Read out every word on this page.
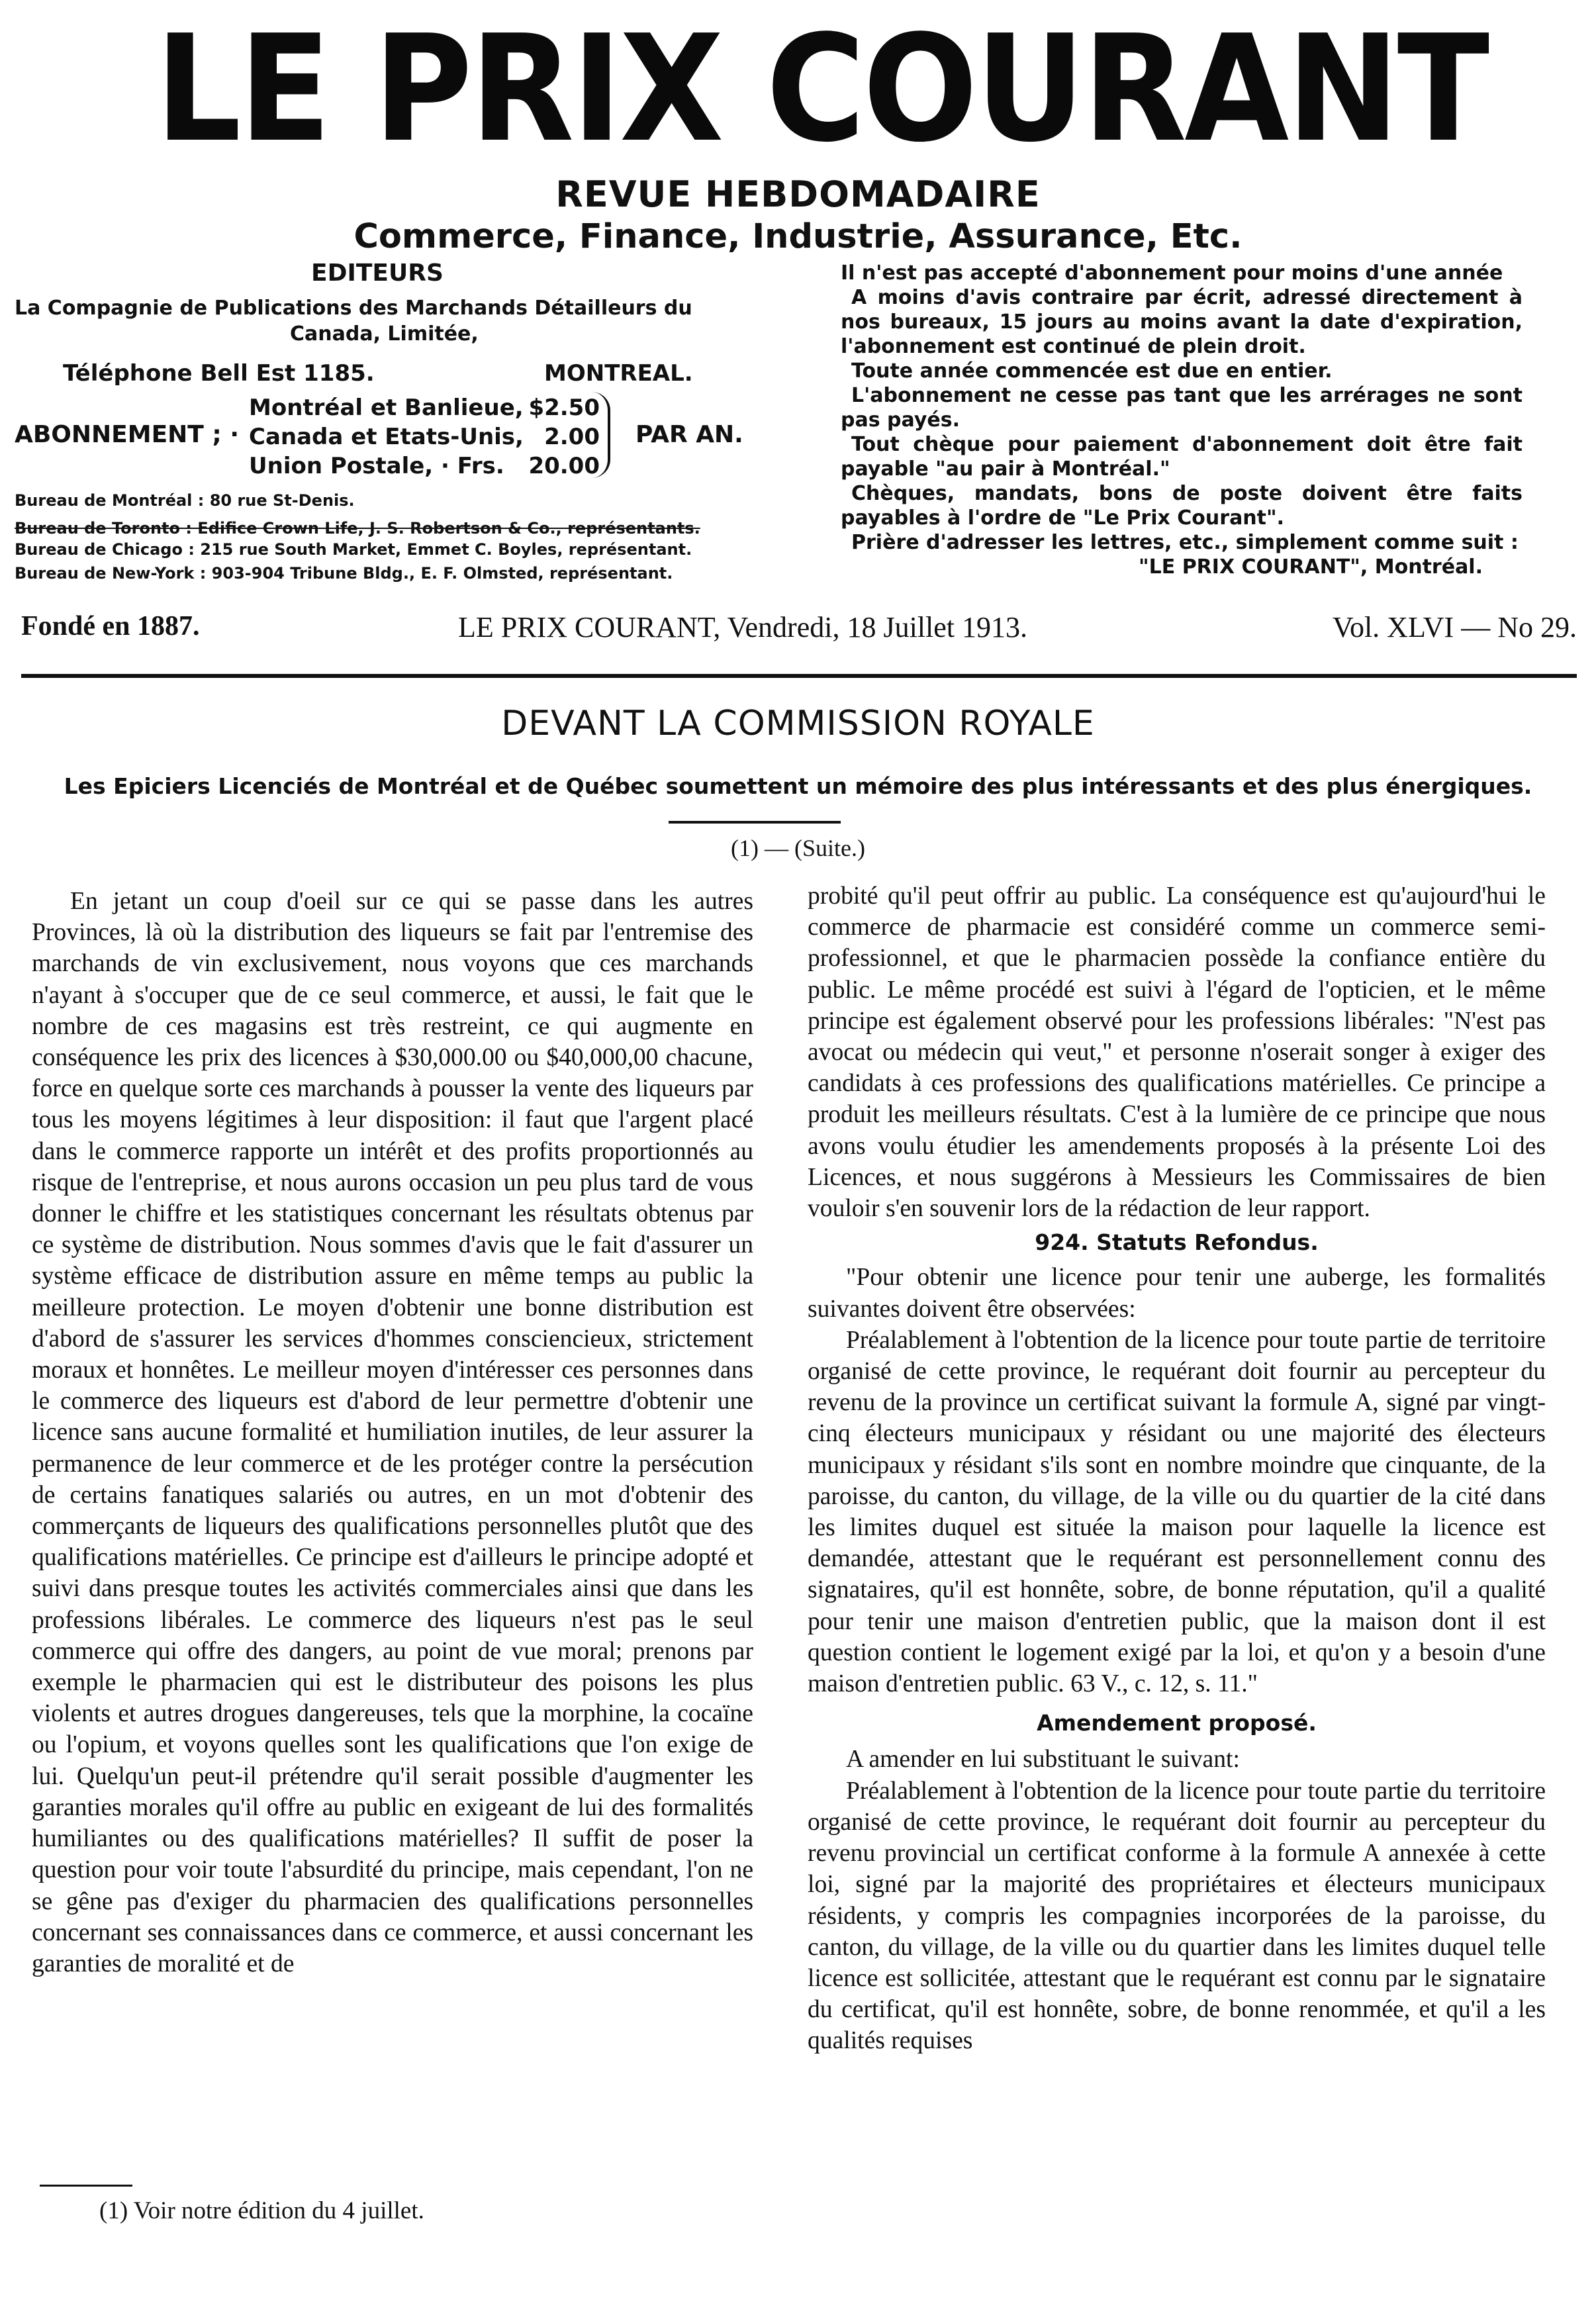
LE PRIX COURANT
REVUE HEBDOMADAIRE
Commerce, Finance, Industrie, Assurance, Etc.
EDITEURS
La Compagnie de Publications des Marchands Détailleurs du
Canada, Limitée,
Téléphone Bell Est 1185.	MONTREAL.
ABONNEMENT ; ·
Montréal et Banlieue, $2.50
Canada et Etats-Unis, 2.00
Union Postale, · Frs.	20.00
PAR AN.
Bureau de Montréal : 80 rue St-Denis.
Bureau de Toronto : Edifice Crown Life, J. S. Robertson & Co., représentants.
Bureau de Chicago : 215 rue South Market, Emmet C. Boyles, représentant.
Bureau de New-York : 903-904 Tribune Bldg., E. F. Olmsted, représentant.

Il n'est pas accepté d'abonnement pour moins d'une année

A moins d'avis contraire par écrit, adressé directement à nos bureaux, 15 jours au moins avant la date d'expiration, l'abonnement est continué de plein droit.

Toute année commencée est due en entier.

L'abonnement ne cesse pas tant que les arrérages ne sont pas payés.

Tout chèque pour paiement d'abonnement doit être fait payable "au pair à Montréal."

Chèques, mandats, bons de poste doivent être faits payables à l'ordre de "Le Prix Courant".

Prière d'adresser les lettres, etc., simplement comme suit :

"LE PRIX COURANT", Montréal.

Fondé en 1887.	LE PRIX COURANT, Vendredi, 18 Juillet 1913.	Vol. XLVI — No 29.
DEVANT LA COMMISSION ROYALE
Les Epiciers Licenciés de Montréal et de Québec soumettent un mémoire des plus intéressants et des plus énergiques.
(1) — (Suite.)

En jetant un coup d'oeil sur ce qui se passe dans les autres Provinces, là où la distribution des liqueurs se fait par l'entremise des marchands de vin exclusivement, nous voyons que ces marchands n'ayant à s'occuper que de ce seul commerce, et aussi, le fait que le nombre de ces magasins est très restreint, ce qui augmente en conséquence les prix des licences à $30,000.00 ou $40,000,00 chacune, force en quelque sorte ces marchands à pousser la vente des liqueurs par tous les moyens légitimes à leur disposition: il faut que l'argent placé dans le commerce rapporte un intérêt et des profits proportionnés au risque de l'entreprise, et nous aurons occasion un peu plus tard de vous donner le chiffre et les statistiques concernant les résultats obtenus par ce système de distribution. Nous sommes d'avis que le fait d'assurer un système efficace de distribution assure en même temps au public la meilleure protection. Le moyen d'obtenir une bonne distribution est d'abord de s'assurer les services d'hommes consciencieux, strictement moraux et honnêtes. Le meilleur moyen d'intéresser ces personnes dans le commerce des liqueurs est d'abord de leur permettre d'obtenir une licence sans aucune formalité et humiliation inutiles, de leur assurer la permanence de leur commerce et de les protéger contre la persécution de certains fanatiques salariés ou autres, en un mot d'obtenir des commerçants de liqueurs des qualifications personnelles plutôt que des qualifications matérielles. Ce principe est d'ailleurs le principe adopté et suivi dans presque toutes les activités commerciales ainsi que dans les professions libérales. Le commerce des liqueurs n'est pas le seul commerce qui offre des dangers, au point de vue moral; prenons par exemple le pharmacien qui est le distributeur des poisons les plus violents et autres drogues dangereuses, tels que la morphine, la cocaïne ou l'opium, et voyons quelles sont les qualifications que l'on exige de lui. Quelqu'un peut-il prétendre qu'il serait possible d'augmenter les garanties morales qu'il offre au public en exigeant de lui des formalités humiliantes ou des qualifications matérielles? Il suffit de poser la question pour voir toute l'absurdité du principe, mais cependant, l'on ne se gêne pas d'exiger du pharmacien des qualifications personnelles concernant ses connaissances dans ce commerce, et aussi concernant les garanties de moralité et de

probité qu'il peut offrir au public. La conséquence est qu'aujourd'hui le commerce de pharmacie est considéré comme un commerce semi-professionnel, et que le pharmacien possède la confiance entière du public. Le même procédé est suivi à l'égard de l'opticien, et le même principe est également observé pour les professions libérales: "N'est pas avocat ou médecin qui veut," et personne n'oserait songer à exiger des candidats à ces professions des qualifications matérielles. Ce principe a produit les meilleurs résultats. C'est à la lumière de ce principe que nous avons voulu étudier les amendements proposés à la présente Loi des Licences, et nous suggérons à Messieurs les Commissaires de bien vouloir s'en souvenir lors de la rédaction de leur rapport.

924. Statuts Refondus.

"Pour obtenir une licence pour tenir une auberge, les formalités suivantes doivent être observées:

Préalablement à l'obtention de la licence pour toute partie de territoire organisé de cette province, le requérant doit fournir au percepteur du revenu de la province un certificat suivant la formule A, signé par vingt-cinq électeurs municipaux y résidant ou une majorité des électeurs municipaux y résidant s'ils sont en nombre moindre que cinquante, de la paroisse, du canton, du village, de la ville ou du quartier de la cité dans les limites duquel est située la maison pour laquelle la licence est demandée, attestant que le requérant est personnellement connu des signataires, qu'il est honnête, sobre, de bonne réputation, qu'il a qualité pour tenir une maison d'entretien public, que la maison dont il est question contient le logement exigé par la loi, et qu'on y a besoin d'une maison d'entretien public. 63 V., c. 12, s. 11."

Amendement proposé.

A amender en lui substituant le suivant:

Préalablement à l'obtention de la licence pour toute partie du territoire organisé de cette province, le requérant doit fournir au percepteur du revenu provincial un certificat conforme à la formule A annexée à cette loi, signé par la majorité des propriétaires et électeurs municipaux résidents, y compris les compagnies incorporées de la paroisse, du canton, du village, de la ville ou du quartier dans les limites duquel telle licence est sollicitée, attestant que le requérant est connu par le signataire du certificat, qu'il est honnête, sobre, de bonne renommée, et qu'il a les qualités requises

(1) Voir notre édition du 4 juillet.
